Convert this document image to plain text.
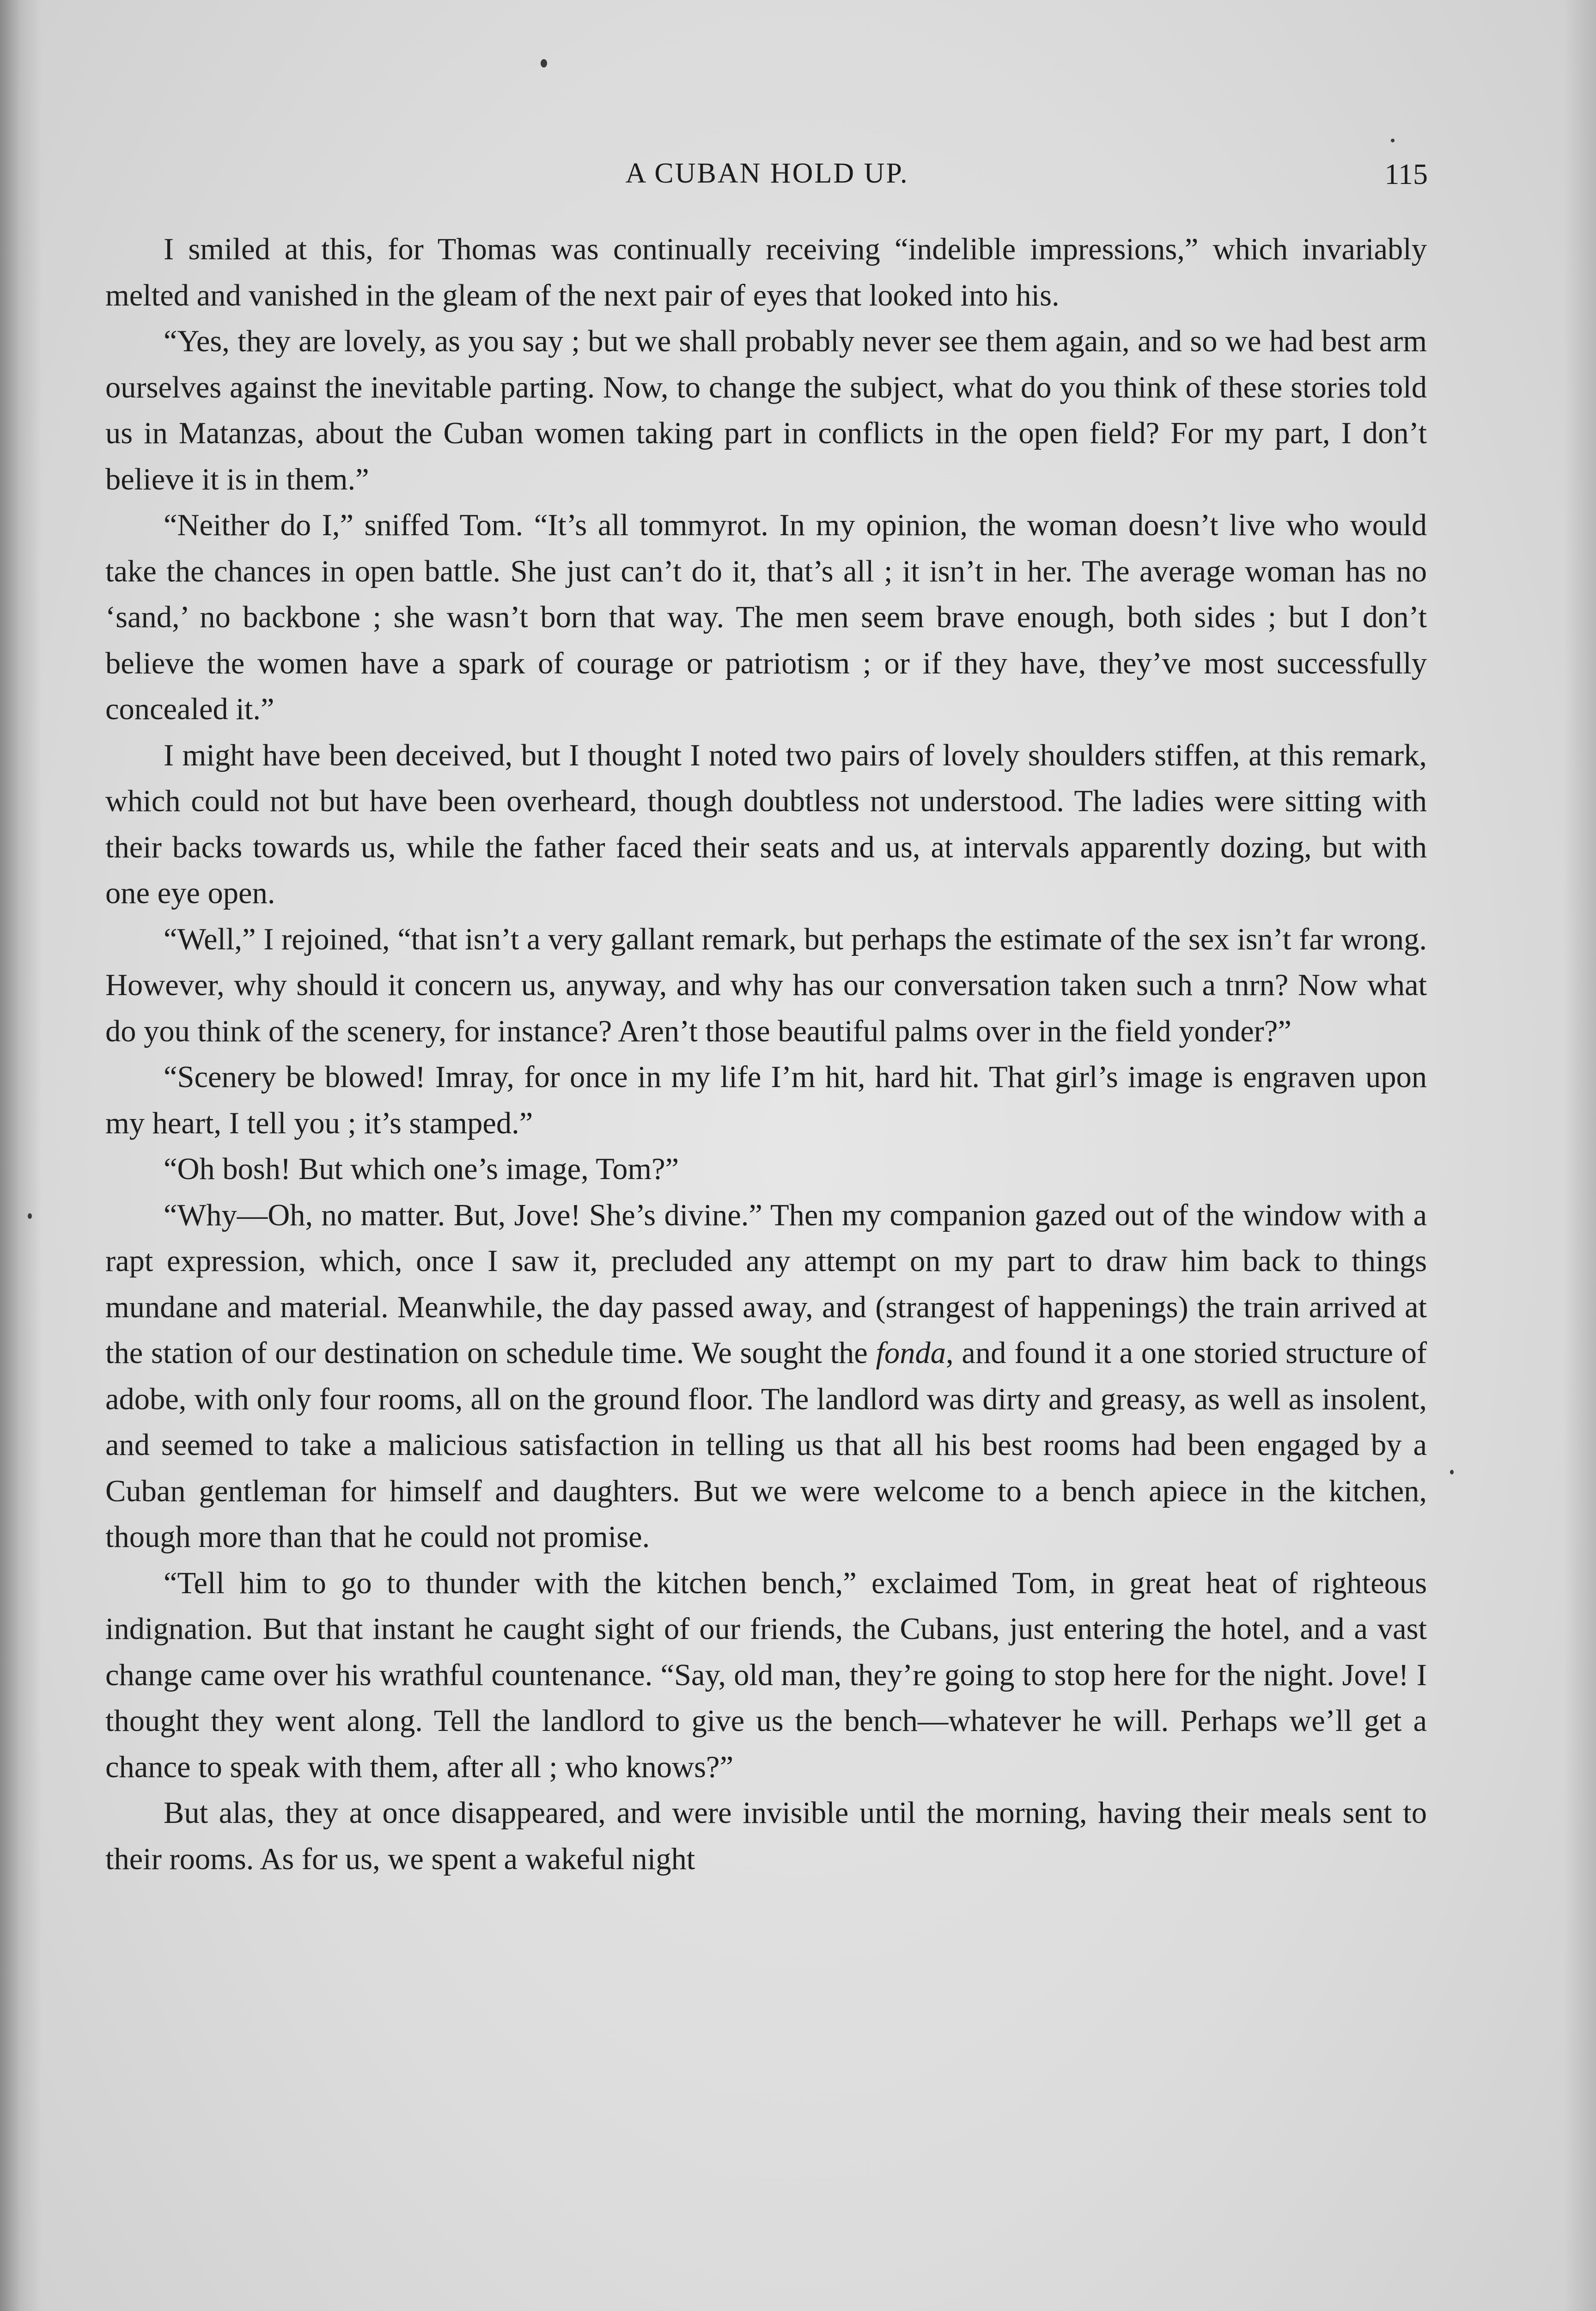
A CUBAN HOLD UP.	115

I smiled at this, for Thomas was continually receiving “indelible impressions,” which invariably melted and vanished in the gleam of the next pair of eyes that looked into his.

“Yes, they are lovely, as you say ; but we shall probably never see them again, and so we had best arm ourselves against the inevitable parting. Now, to change the subject, what do you think of these stories told us in Matanzas, about the Cuban women taking part in conflicts in the open field? For my part, I don’t believe it is in them.”

“Neither do I,” sniffed Tom. “It’s all tommyrot. In my opinion, the woman doesn’t live who would take the chances in open battle. She just can’t do it, that’s all ; it isn’t in her. The average woman has no ‘sand,’ no backbone ; she wasn’t born that way. The men seem brave enough, both sides ; but I don’t believe the women have a spark of courage or patriotism ; or if they have, they’ve most successfully concealed it.”

I might have been deceived, but I thought I noted two pairs of lovely shoulders stiffen, at this remark, which could not but have been overheard, though doubtless not understood. The ladies were sitting with their backs towards us, while the father faced their seats and us, at intervals apparently dozing, but with one eye open.

“Well,” I rejoined, “that isn’t a very gallant remark, but perhaps the estimate of the sex isn’t far wrong. However, why should it concern us, anyway, and why has our conversation taken such a tnrn? Now what do you think of the scenery, for instance? Aren’t those beautiful palms over in the field yonder?”

“Scenery be blowed! Imray, for once in my life I’m hit, hard hit. That girl’s image is engraven upon my heart, I tell you ; it’s stamped.”

“Oh bosh! But which one’s image, Tom?”

“Why—Oh, no matter. But, Jove! She’s divine.” Then my companion gazed out of the window with a rapt expression, which, once I saw it, precluded any attempt on my part to draw him back to things mundane and material. Meanwhile, the day passed away, and (strangest of happenings) the train arrived at the station of our destination on schedule time. We sought the fonda, and found it a one storied structure of adobe, with only four rooms, all on the ground floor. The landlord was dirty and greasy, as well as insolent, and seemed to take a malicious satisfaction in telling us that all his best rooms had been engaged by a Cuban gentleman for himself and daughters. But we were welcome to a bench apiece in the kitchen, though more than that he could not promise.

“Tell him to go to thunder with the kitchen bench,” exclaimed Tom, in great heat of righteous indignation. But that instant he caught sight of our friends, the Cubans, just entering the hotel, and a vast change came over his wrathful countenance. “Say, old man, they’re going to stop here for the night. Jove! I thought they went along. Tell the landlord to give us the bench—whatever he will. Perhaps we’ll get a chance to speak with them, after all ; who knows?”

But alas, they at once disappeared, and were invisible until the morning, having their meals sent to their rooms. As for us, we spent a wakeful night
